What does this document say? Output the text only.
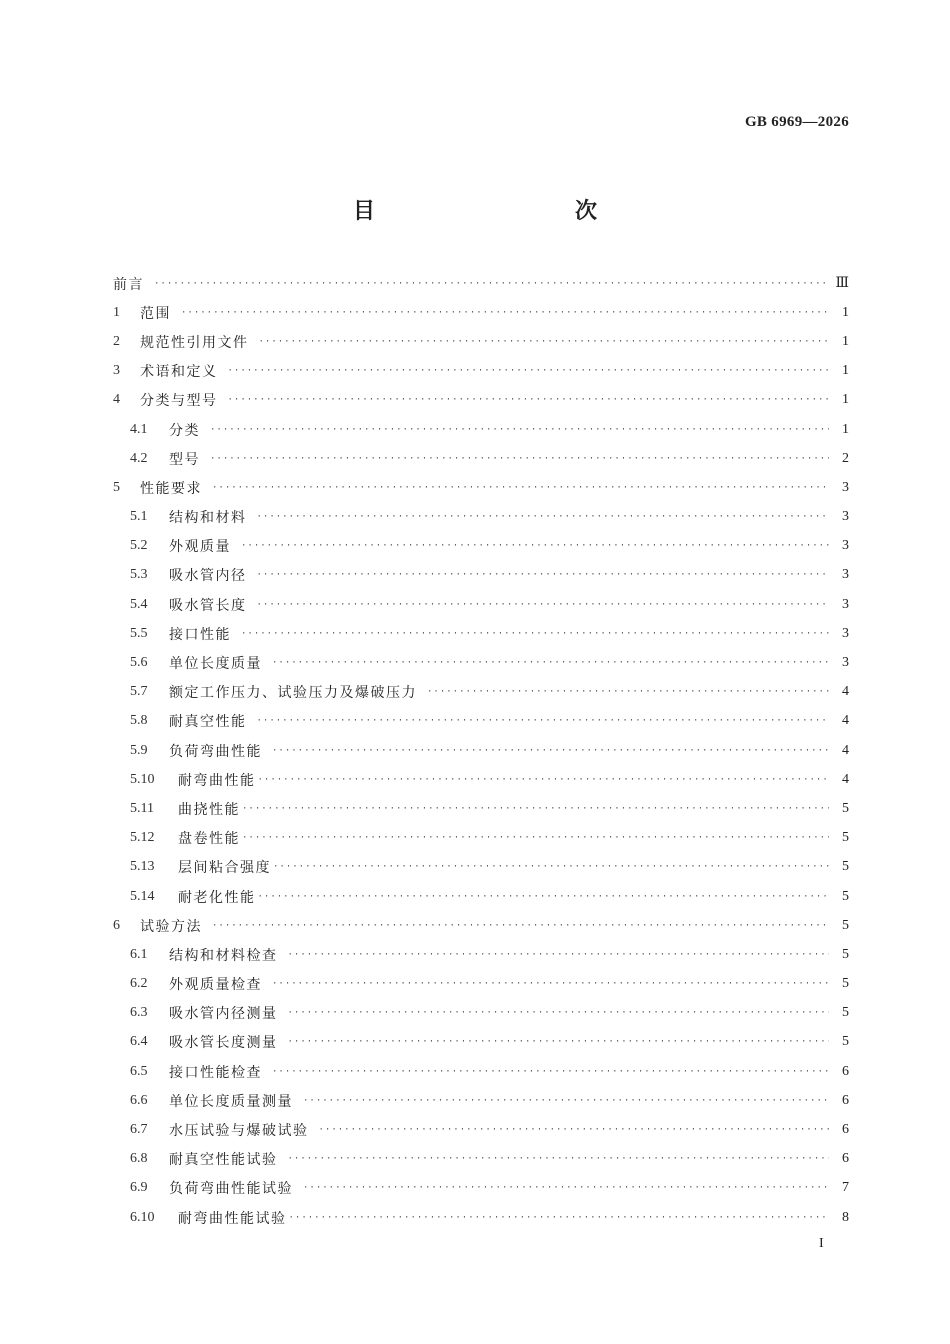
GB 6969—2026
目　　次
前言 ·····	Ⅲ
1	范围 ·····	1
2	规范性引用文件 ·····	1
3	术语和定义 ·····	1
4	分类与型号 ·····	1
4.1	分类 ·····	1
4.2	型号 ·····	2
5	性能要求 ·····	3
5.1	结构和材料 ·····	3
5.2	外观质量 ·····	3
5.3	吸水管内径 ·····	3
5.4	吸水管长度 ·····	3
5.5	接口性能 ·····	3
5.6	单位长度质量 ·····	3
5.7	额定工作压力、试验压力及爆破压力 ·····	4
5.8	耐真空性能 ·····	4
5.9	负荷弯曲性能 ·····	4
5.10	耐弯曲性能 ·····	4
5.11	曲挠性能 ·····	5
5.12	盘卷性能 ·····	5
5.13	层间粘合强度 ·····	5
5.14	耐老化性能 ·····	5
6	试验方法 ·····	5
6.1	结构和材料检查 ·····	5
6.2	外观质量检查 ·····	5
6.3	吸水管内径测量 ·····	5
6.4	吸水管长度测量 ·····	5
6.5	接口性能检查 ·····	6
6.6	单位长度质量测量 ·····	6
6.7	水压试验与爆破试验 ·····	6
6.8	耐真空性能试验 ·····	6
6.9	负荷弯曲性能试验 ·····	7
6.10	耐弯曲性能试验 ·····	8
I
